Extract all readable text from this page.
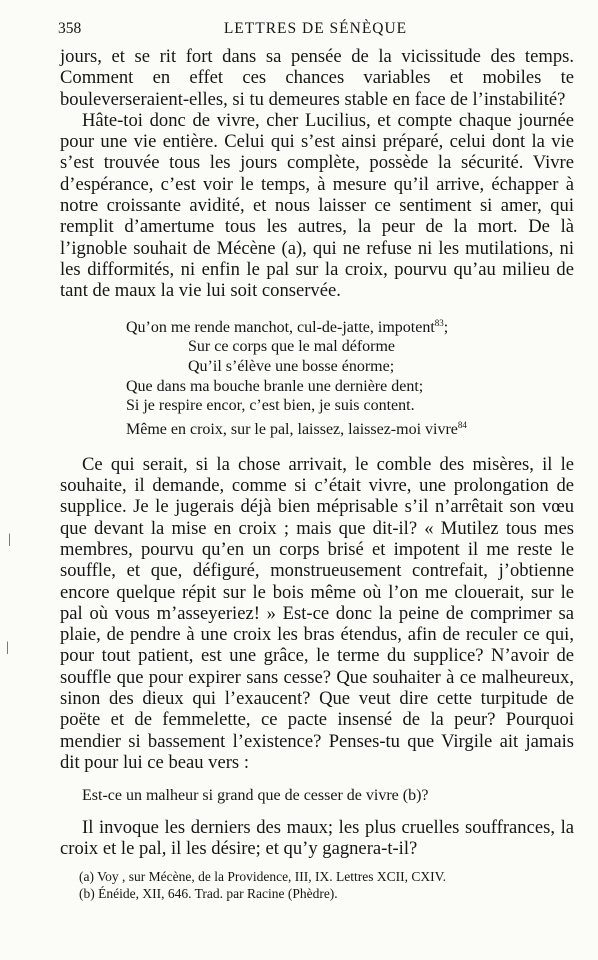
358	LETTRES DE SÉNÈQUE

jours, et se rit fort dans sa pensée de la vicissitude des temps. Comment en effet ces chances variables et mobiles te bouleverseraient-elles, si tu demeures stable en face de l’instabilité?

Hâte-toi donc de vivre, cher Lucilius, et compte chaque journée pour une vie entière. Celui qui s’est ainsi préparé, celui dont la vie s’est trouvée tous les jours complète, possède la sécurité. Vivre d’espérance, c’est voir le temps, à mesure qu’il arrive, échapper à notre croissante avidité, et nous laisser ce sentiment si amer, qui remplit d’amertume tous les autres, la peur de la mort. De là l’ignoble souhait de Mécène (a), qui ne refuse ni les mutilations, ni les difformités, ni enfin le pal sur la croix, pourvu qu’au milieu de tant de maux la vie lui soit conservée.

Qu’on me rende manchot, cul-de-jatte, impotent$^{83}$;
Sur ce corps que le mal déforme
Qu’il s’élève une bosse énorme;
Que dans ma bouche branle une dernière dent;
Si je respire encor, c’est bien, je suis content.
Même en croix, sur le pal, laissez, laissez-moi vivre$^{84}$

Ce qui serait, si la chose arrivait, le comble des misères, il le souhaite, il demande, comme si c’était vivre, une prolongation de supplice. Je le jugerais déjà bien méprisable s’il n’arrêtait son vœu que devant la mise en croix ; mais que dit-il? « Mutilez tous mes membres, pourvu qu’en un corps brisé et impotent il me reste le souffle, et que, défiguré, monstrueusement contrefait, j’obtienne encore quelque répit sur le bois même où l’on me clouerait, sur le pal où vous m’asseyeriez! » Est-ce donc la peine de comprimer sa plaie, de pendre à une croix les bras étendus, afin de reculer ce qui, pour tout patient, est une grâce, le terme du supplice? N’avoir de souffle que pour expirer sans cesse? Que souhaiter à ce malheureux, sinon des dieux qui l’exaucent? Que veut dire cette turpitude de poëte et de femmelette, ce pacte insensé de la peur? Pourquoi mendier si bassement l’existence? Penses-tu que Virgile ait jamais dit pour lui ce beau vers :

Est-ce un malheur si grand que de cesser de vivre (b)?

Il invoque les derniers des maux; les plus cruelles souffrances, la croix et le pal, il les désire; et qu’y gagnera-t-il?

(a) Voy , sur Mécène, de la Providence, III, IX. Lettres XCII, CXIV.
(b) Énéide, XII, 646. Trad. par Racine (Phèdre).
|
|
